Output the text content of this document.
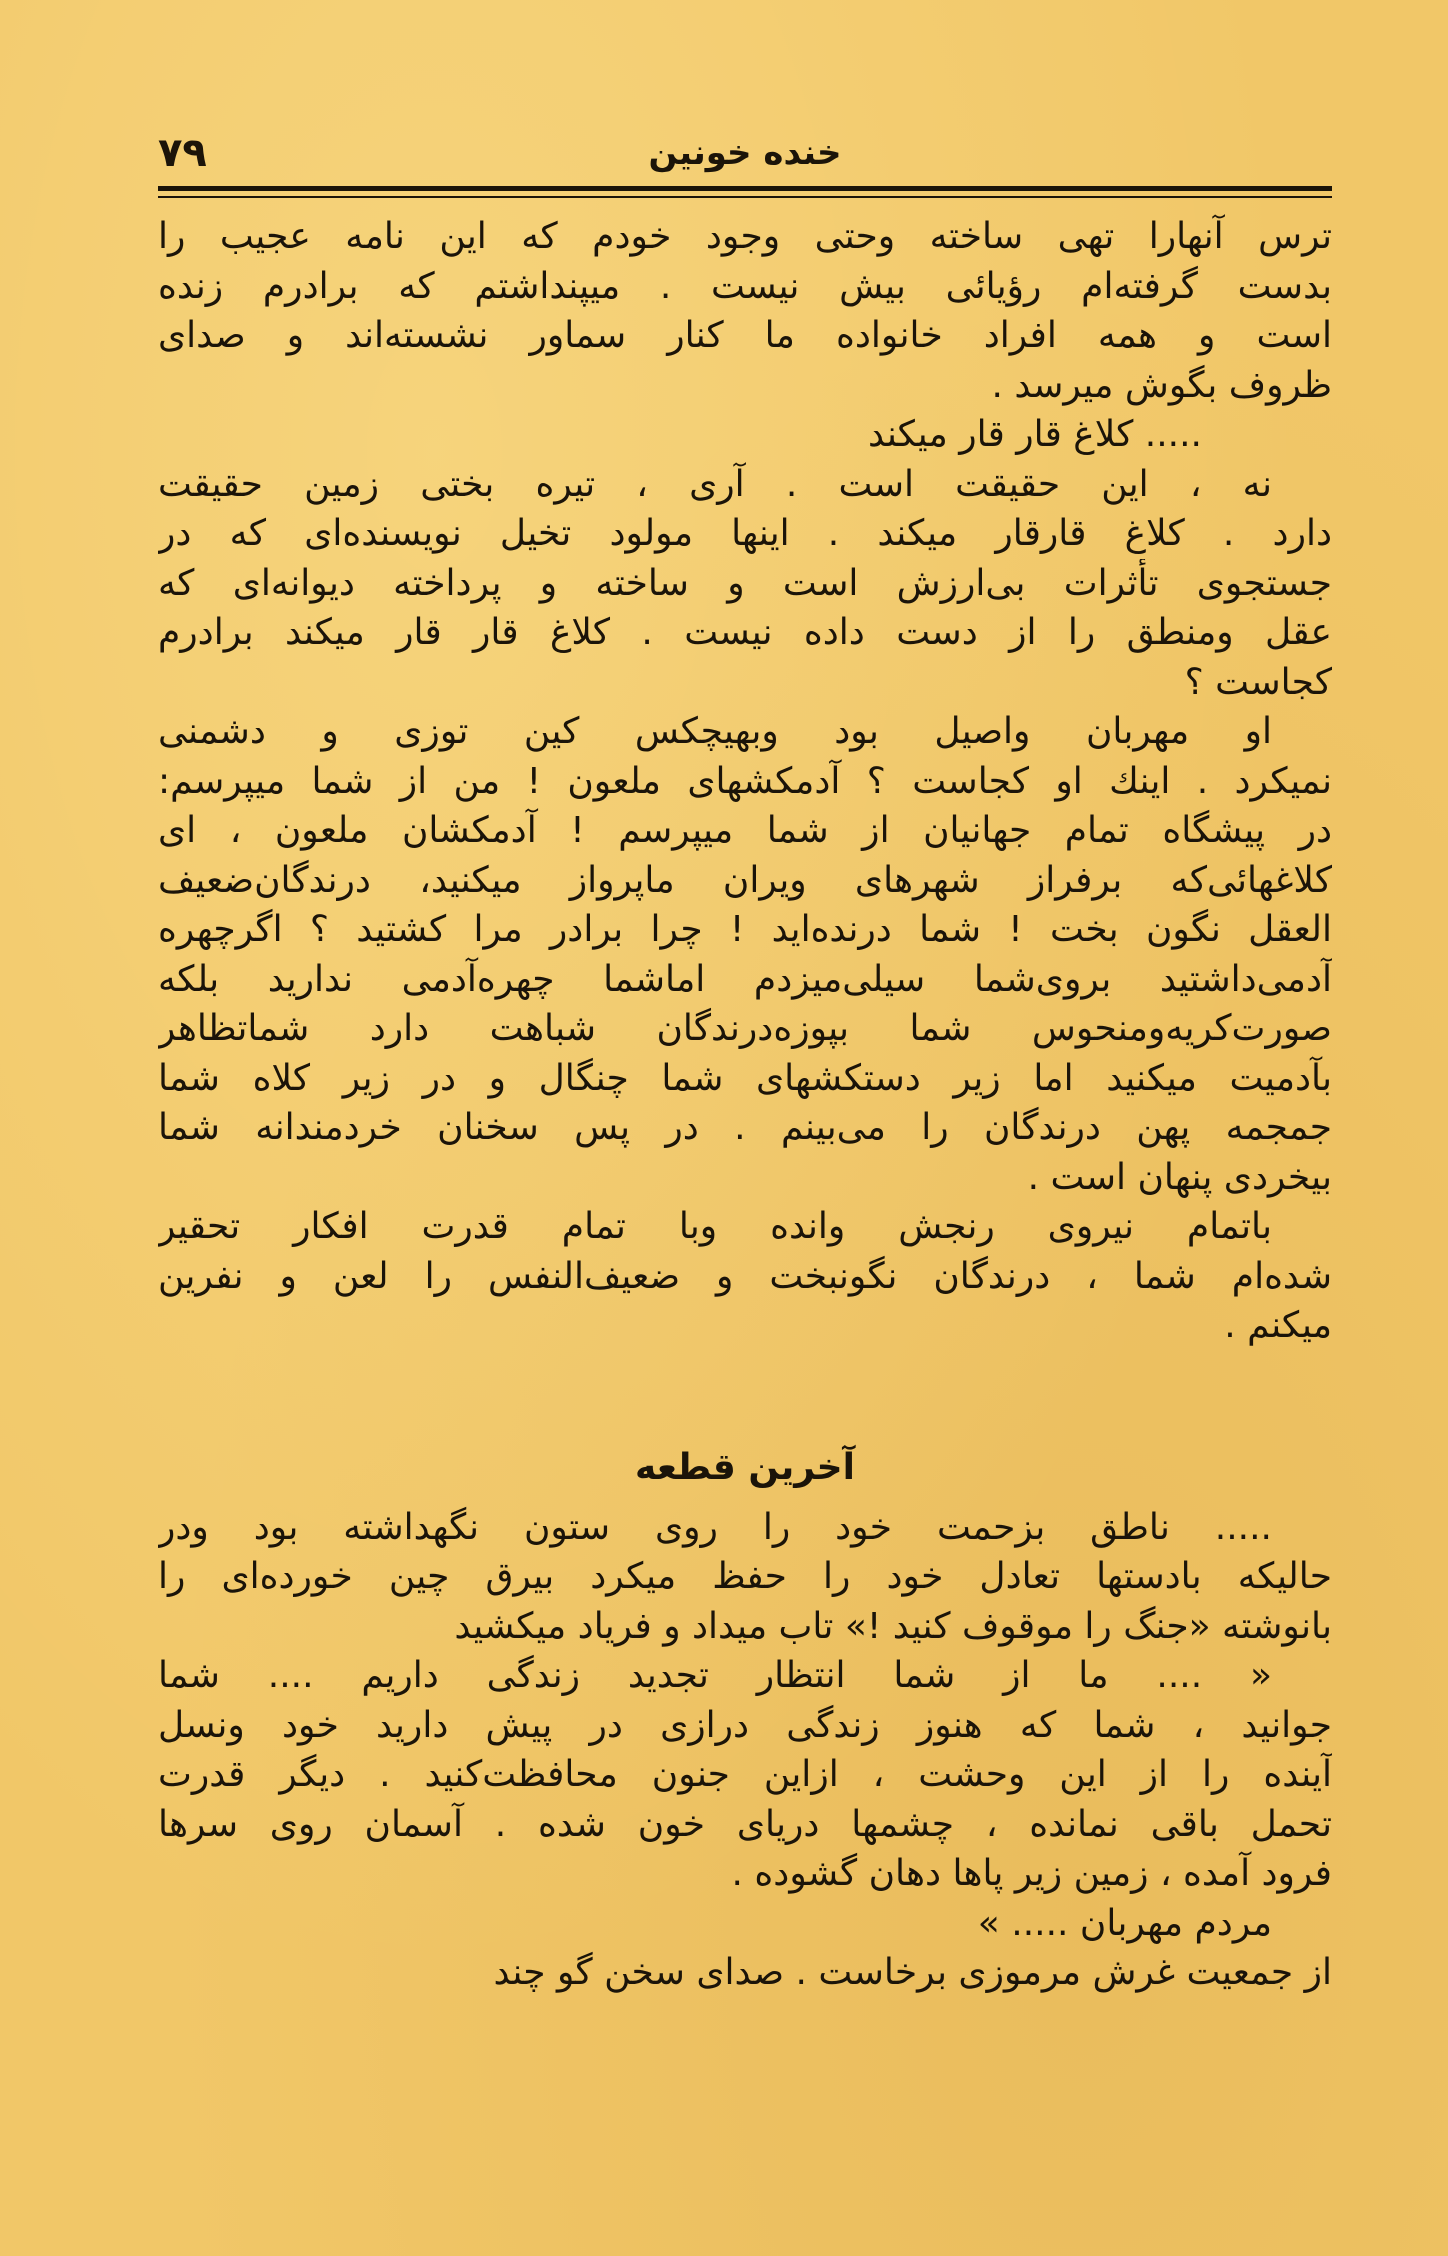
۷۹	خنده خونین
ترس آنهارا تهی ساخته وحتی وجود خودم که این نامه عجیب را
بدست گرفته‌ام رؤیائی بیش نیست . میپنداشتم که برادرم زنده
است و همه افراد خانواده ما کنار سماور نشسته‌اند و صدای
ظروف بگوش میرسد .
..... کلاغ قار قار میکند
نه ، این حقیقت است . آری ، تیره بختی زمین حقیقت
دارد . کلاغ قارقار میکند . اینها مولود تخیل نویسنده‌ای که در
جستجوی تأثرات بی‌ارزش است و ساخته و پرداخته دیوانه‌ای که
عقل ومنطق را از دست داده نیست . کلاغ قار قار میکند برادرم
کجاست ؟
او مهربان واصیل بود وبهیچکس کین توزی و دشمنی
نمیکرد . اینك او کجاست ؟ آدمکشهای ملعون ! من از شما میپرسم:
در پیشگاه تمام جهانیان از شما میپرسم ! آدمکشان ملعون ، ای
کلاغهائی‌که برفراز شهرهای ویران ماپرواز میکنید، درندگان‌ضعیف
العقل نگون بخت ! شما درنده‌اید ! چرا برادر مرا کشتید ؟ اگرچهره
آدمی‌داشتید بروی‌شما سیلی‌میزدم اماشما چهره‌آدمی ندارید بلکه
صورت‌کریه‌ومنحوس شما بپوزه‌درندگان شباهت دارد شماتظاهر
بآدمیت میکنید اما زیر دستکشهای شما چنگال و در زیر کلاه شما
جمجمه پهن درندگان را می‌بینم . در پس سخنان خردمندانه شما
بیخردی پنهان است .
باتمام نیروی رنجش وانده وبا تمام قدرت افکار تحقیر
شده‌ام شما ، درندگان نگونبخت و ضعیف‌النفس را لعن و نفرین
میکنم .
آخرین قطعه
..... ناطق بزحمت خود را روی ستون نگهداشته بود ودر
حالیکه بادستها تعادل خود را حفظ میکرد بیرق چین خورده‌ای را
بانوشته «جنگ را موقوف کنید !» تاب میداد و فریاد میکشید
« .... ما از شما انتظار تجدید زندگی داریم .... شما
جوانید ، شما که هنوز زندگی درازی در پیش دارید خود ونسل
آینده را از این وحشت ، ازاین جنون محافظت‌کنید . دیگر قدرت
تحمل باقی نمانده ، چشمها دریای خون شده . آسمان روی سرها
فرود آمده ، زمین زیر پاها دهان گشوده .
مردم مهربان ..... »
از جمعیت غرش مرموزی برخاست . صدای سخن گو چند
